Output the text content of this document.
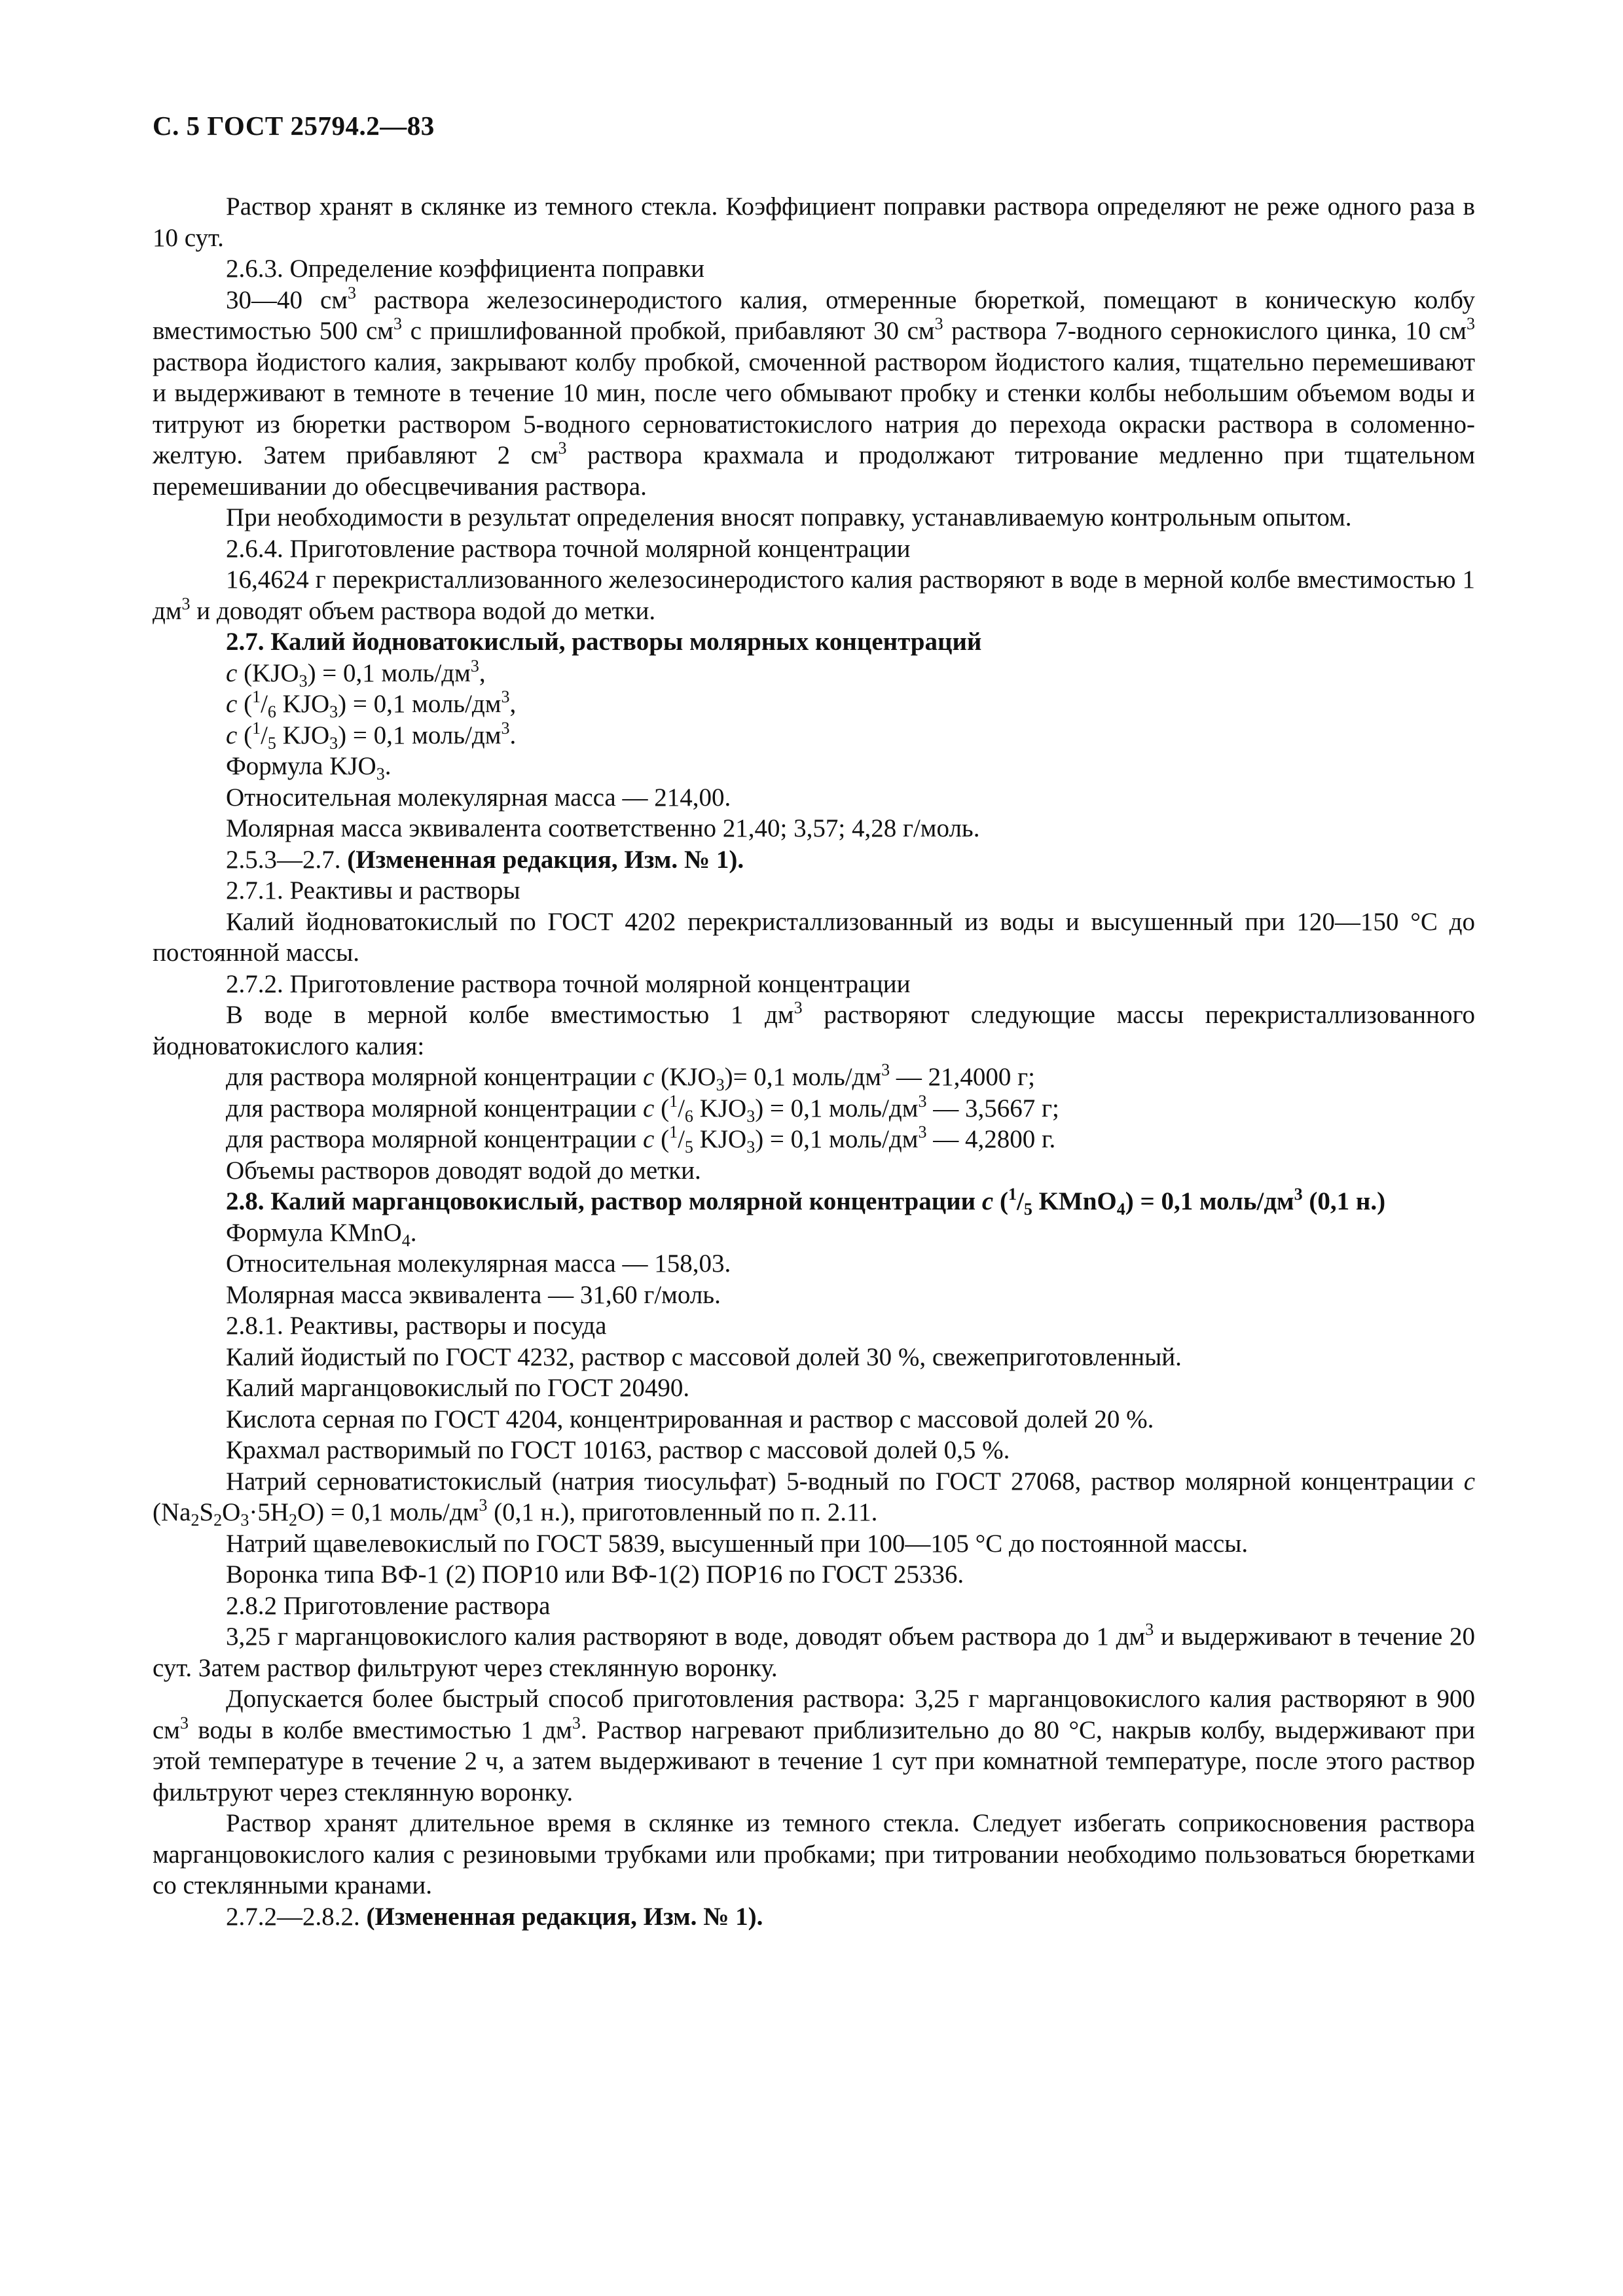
С. 5 ГОСТ 25794.2—83

Раствор хранят в склянке из темного стекла. Коэффициент поправки раствора определяют не реже одного раза в 10 сут.

2.6.3. Определение коэффициента поправки

30—40 $см^3$ раствора железосинеродистого калия, отмеренные бюреткой, помещают в коническую колбу вместимостью 500 $см^3$ с пришлифованной пробкой, прибавляют 30 $см^3$ раствора 7-водного сернокислого цинка, 10 $см^3$ раствора йодистого калия, закрывают колбу пробкой, смоченной раствором йодистого калия, тщательно перемешивают и выдерживают в темноте в течение 10 мин, после чего обмывают пробку и стенки колбы небольшим объемом воды и титруют из бюретки раствором 5-водного серноватистокислого натрия до перехода окраски раствора в соломенно-желтую. Затем прибавляют 2 $см^3$ раствора крахмала и продолжают титрование медленно при тщательном перемешивании до обесцвечивания раствора.

При необходимости в результат определения вносят поправку, устанавливаемую контрольным опытом.

2.6.4. Приготовление раствора точной молярной концентрации

16,4624 г перекристаллизованного железосинеродистого калия растворяют в воде в мерной колбе вместимостью 1 $дм^3$ и доводят объем раствора водой до метки.

2.7. Калий йодноватокислый, растворы молярных концентраций

c $(KJO_3) = 0,1$ моль/$дм^3$,

c ($^1/_6$ $KJO_3) = 0,1$ моль/$дм^3$,

c ($^1/_5$ $KJO_3) = 0,1$ моль/$дм^3$.

Формула $KJO_3$.

Относительная молекулярная масса — 214,00.

Молярная масса эквивалента соответственно 21,40; 3,57; 4,28 г/моль.

2.5.3—2.7. (Измененная редакция, Изм. № 1).

2.7.1. Реактивы и растворы

Калий йодноватокислый по ГОСТ 4202 перекристаллизованный из воды и высушенный при 120—150 °С до постоянной массы.

2.7.2. Приготовление раствора точной молярной концентрации

В воде в мерной колбе вместимостью 1 $дм^3$ растворяют следующие массы перекристаллизованного йодноватокислого калия:

для раствора молярной концентрации c $(KJO_3)= 0,1$ моль/$дм^3$ — 21,4000 г;

для раствора молярной концентрации c ($^1/_6$ $KJO_3) = 0,1$ моль/$дм^3$ — 3,5667 г;

для раствора молярной концентрации c ($^1/_5$ $KJO_3) = 0,1$ моль/$дм^3$ — 4,2800 г.

Объемы растворов доводят водой до метки.

2.8. Калий марганцовокислый, раствор молярной концентрации c ($^1/_5$ KMnO$_4$) = 0,1 моль/$дм^3$ (0,1 н.)

Формула KMnO$_4$.

Относительная молекулярная масса — 158,03.

Молярная масса эквивалента — 31,60 г/моль.

2.8.1. Реактивы, растворы и посуда

Калий йодистый по ГОСТ 4232, раствор с массовой долей 30 %, свежеприготовленный.

Калий марганцовокислый по ГОСТ 20490.

Кислота серная по ГОСТ 4204, концентрированная и раствор с массовой долей 20 %.

Крахмал растворимый по ГОСТ 10163, раствор с массовой долей 0,5 %.

Натрий серноватистокислый (натрия тиосульфат) 5-водный по ГОСТ 27068, раствор молярной концентрации c $(Na_2S_2O_3\cdot 5H_2O) = 0,1$ моль/$дм^3$ (0,1 н.), приготовленный по п. 2.11.

Натрий щавелевокислый по ГОСТ 5839, высушенный при 100—105 °С до постоянной массы.

Воронка типа ВФ-1 (2) ПОР10 или ВФ-1(2) ПОР16 по ГОСТ 25336.

2.8.2 Приготовление раствора

3,25 г марганцовокислого калия растворяют в воде, доводят объем раствора до 1 $дм^3$ и выдерживают в течение 20 сут. Затем раствор фильтруют через стеклянную воронку.

Допускается более быстрый способ приготовления раствора: 3,25 г марганцовокислого калия растворяют в 900 $см^3$ воды в колбе вместимостью 1 $дм^3$. Раствор нагревают приблизительно до 80 °С, накрыв колбу, выдерживают при этой температуре в течение 2 ч, а затем выдерживают в течение 1 сут при комнатной температуре, после этого раствор фильтруют через стеклянную воронку.

Раствор хранят длительное время в склянке из темного стекла. Следует избегать соприкосновения раствора марганцовокислого калия с резиновыми трубками или пробками; при титровании необходимо пользоваться бюретками со стеклянными кранами.

2.7.2—2.8.2. (Измененная редакция, Изм. № 1).
